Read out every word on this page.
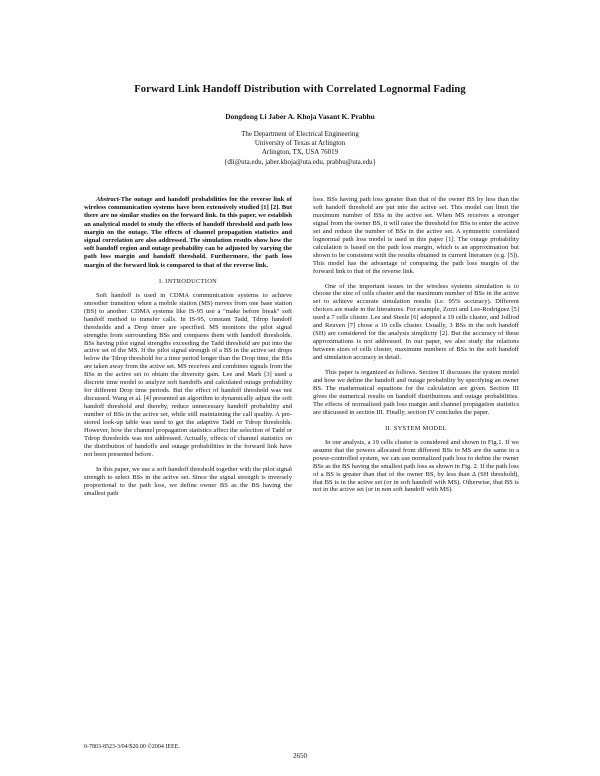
Forward Link Handoff Distribution with Correlated Lognormal Fading
Dongdong Li Jaber A. Khoja Vasant K. Prabhu
The Department of Electrical Engineering
University of Texas at Arlington
Arlington, TX, USA 76019
{dli@uta.edu, jaber.khoja@uta.edu, prabhu@uta.edu}

Abstract-The outage and handoff probabilities for the reverse link of wireless communication systems have been extensively studied [1] [2]. But there are no similar studies on the forward link. In this paper, we establish an analytical model to study the effects of handoff threshold and path loss margin on the outage. The effects of channel propagation statistics and signal correlation are also addressed. The simulation results show how the soft handoff region and outage probability can be adjusted by varying the path loss margin and handoff threshold. Furthermore, the path loss margin of the forward link is compared to that of the reverse link.

I. INTRODUCTION

Soft handoff is used in CDMA communication systems to achieve smoother transition when a mobile station (MS) moves from one base station (BS) to another. CDMA systems like IS-95 use a "make before break" soft handoff method to transfer calls. In IS-95, constant Tadd, Tdrop handoff thresholds and a Drop timer are specified. MS monitors the pilot signal strengths from surrounding BSs and compares them with handoff thresholds. BSs having pilot signal strengths exceeding the Tadd threshold are put into the active set of the MS. If the pilot signal strength of a BS in the active set drops below the Tdrop threshold for a time period longer than the Drop time, the BSs are taken away from the active set. MS receives and combines signals from the BSs in the active set to obtain the diversity gain. Lee and Mark [3] used a discrete time model to analyze soft handoffs and calculated outage probability for different Drop time periods. But the effect of handoff threshold was not discussed. Wang et al. [4] presented an algorithm to dynamically adjust the soft handoff threshold and thereby, reduce unnecessary handoff probability and number of BSs in the active set, while still maintaining the call quality. A pre-stored look-up table was used to get the adaptive Tadd or Tdrop thresholds. However, how the channel propagation statistics affect the selection of Tadd or Tdrop thresholds was not addressed. Actually, effects of channel statistics on the distribution of handoffs and outage probabilities in the forward link have not been presented before.

In this paper, we use a soft handoff threshold together with the pilot signal strength to select BSs in the active set. Since the signal strength is inversely proportional to the path loss, we define owner BS as the BS having the smallest path

loss. BSs having path loss greater than that of the owner BS by less than the soft handoff threshold are put into the active set. This model can limit the maximum number of BSs in the active set. When MS receives a stronger signal from the owner BS, it will raise the threshold for BSs to enter the active set and reduce the number of BSs in the active set. A symmetric correlated lognormal path loss model is used in this paper [1]. The outage probability calculation is based on the path loss margin, which is an approximation but shown to be consistent with the results obtained in current literature (e.g. [5]). This model has the advantage of comparing the path loss margin of the forward link to that of the reverse link.

One of the important issues in the wireless systems simulation is to choose the size of cells cluster and the maximum number of BSs in the active set to achieve accurate simulation results (i.e. 95% accuracy). Different choices are made in the literatures. For example, Zorzi and Lee-Rodriguez [5] used a 7 cells cluster. Lee and Steele [6] adopted a 19 cells cluster, and Jolliod and Reuven [7] chose a 19 cells cluster. Usually, 3 BSs in the soft handoff (SH) are considered for the analysis simplicity [2]. But the accuracy of these approximations is not addressed. In our paper, we also study the relations between sizes of cells cluster, maximum numbers of BSs in the soft handoff and simulation accuracy in detail.

This paper is organized as follows. Section II discusses the system model and how we define the handoff and outage probability by specifying an owner BS. The mathematical equations for the calculation are given. Section III gives the numerical results on handoff distributions and outage probabilities. The effects of normalized path loss margin and channel propagation statistics are discussed in section III. Finally, section IV concludes the paper.

II. SYSTEM MODEL

In our analysis, a 19 cells cluster is considered and shown in Fig.1. If we assume that the powers allocated from different BSs to MS are the same in a power-controlled system, we can use normalized path loss to define the owner BSs as the BS having the smallest path loss as shown in Fig. 2. If the path loss of a BS is greater than that of the owner BS, by less than Δ (SH threshold), that BS is in the active set (or in soft handoff with MS). Otherwise, that BS is not in the active set (or in non soft handoff with MS).

0-7803-8523-3/04/$20.00 ©2004 IEEE.
2650
